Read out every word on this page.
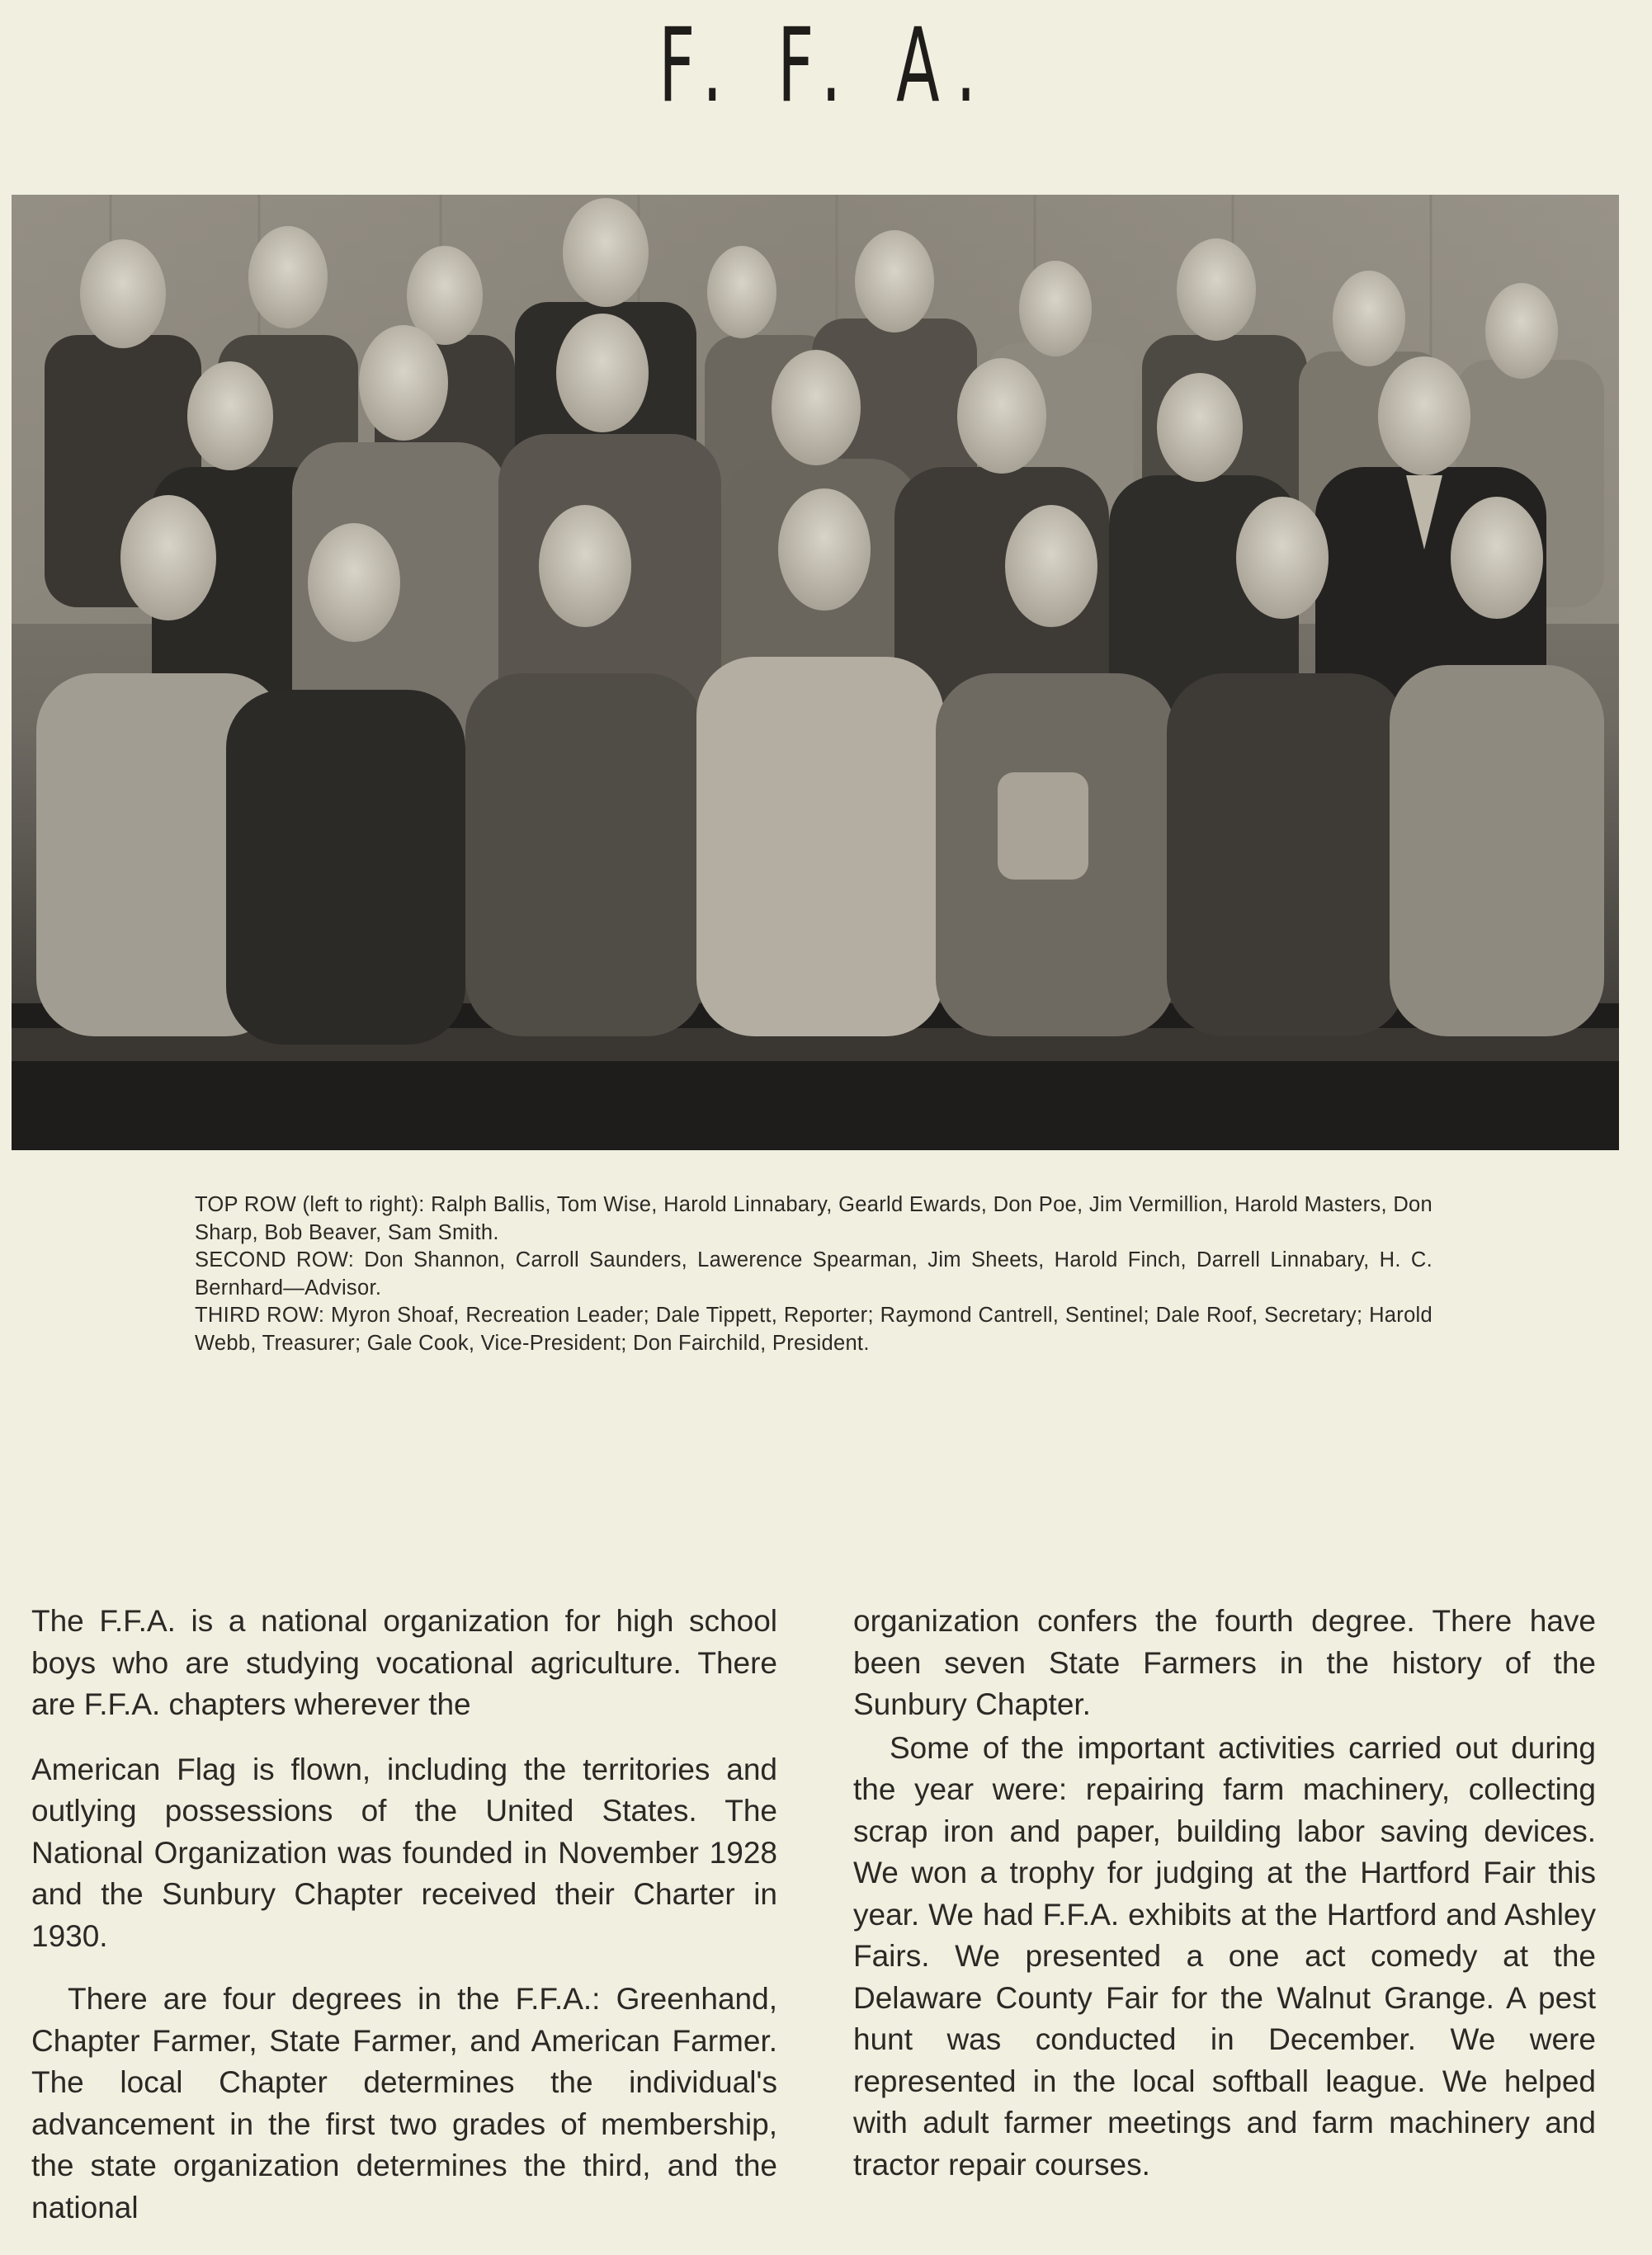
F. F. A.

TOP ROW (left to right): Ralph Ballis, Tom Wise, Harold Linnabary, Gearld Ewards, Don Poe, Jim Vermillion, Harold Masters, Don Sharp, Bob Beaver, Sam Smith.

SECOND ROW: Don Shannon, Carroll Saunders, Lawerence Spearman, Jim Sheets, Harold Finch, Darrell Linnabary, H. C. Bernhard—Advisor.

THIRD ROW: Myron Shoaf, Recreation Leader; Dale Tippett, Reporter; Raymond Cantrell, Sentinel; Dale Roof, Secretary; Harold Webb, Treasurer; Gale Cook, Vice-President; Don Fairchild, President.

The F.F.A. is a national organization for high school boys who are studying vocational agriculture. There are F.F.A. chapters wherever the

American Flag is flown, including the territories and outlying possessions of the United States. The National Organization was founded in November 1928 and the Sunbury Chapter received their Charter in 1930.

There are four degrees in the F.F.A.: Greenhand, Chapter Farmer, State Farmer, and American Farmer. The local Chapter determines the individual's advancement in the first two grades of membership, the state organization determines the third, and the national

organization confers the fourth degree. There have been seven State Farmers in the history of the Sunbury Chapter.

Some of the important activities carried out during the year were: repairing farm machinery, collecting scrap iron and paper, building labor saving devices. We won a trophy for judging at the Hartford Fair this year. We had F.F.A. exhibits at the Hartford and Ashley Fairs. We presented a one act comedy at the Delaware County Fair for the Walnut Grange. A pest hunt was conducted in December. We were represented in the local softball league. We helped with adult farmer meetings and farm machinery and tractor repair courses.
